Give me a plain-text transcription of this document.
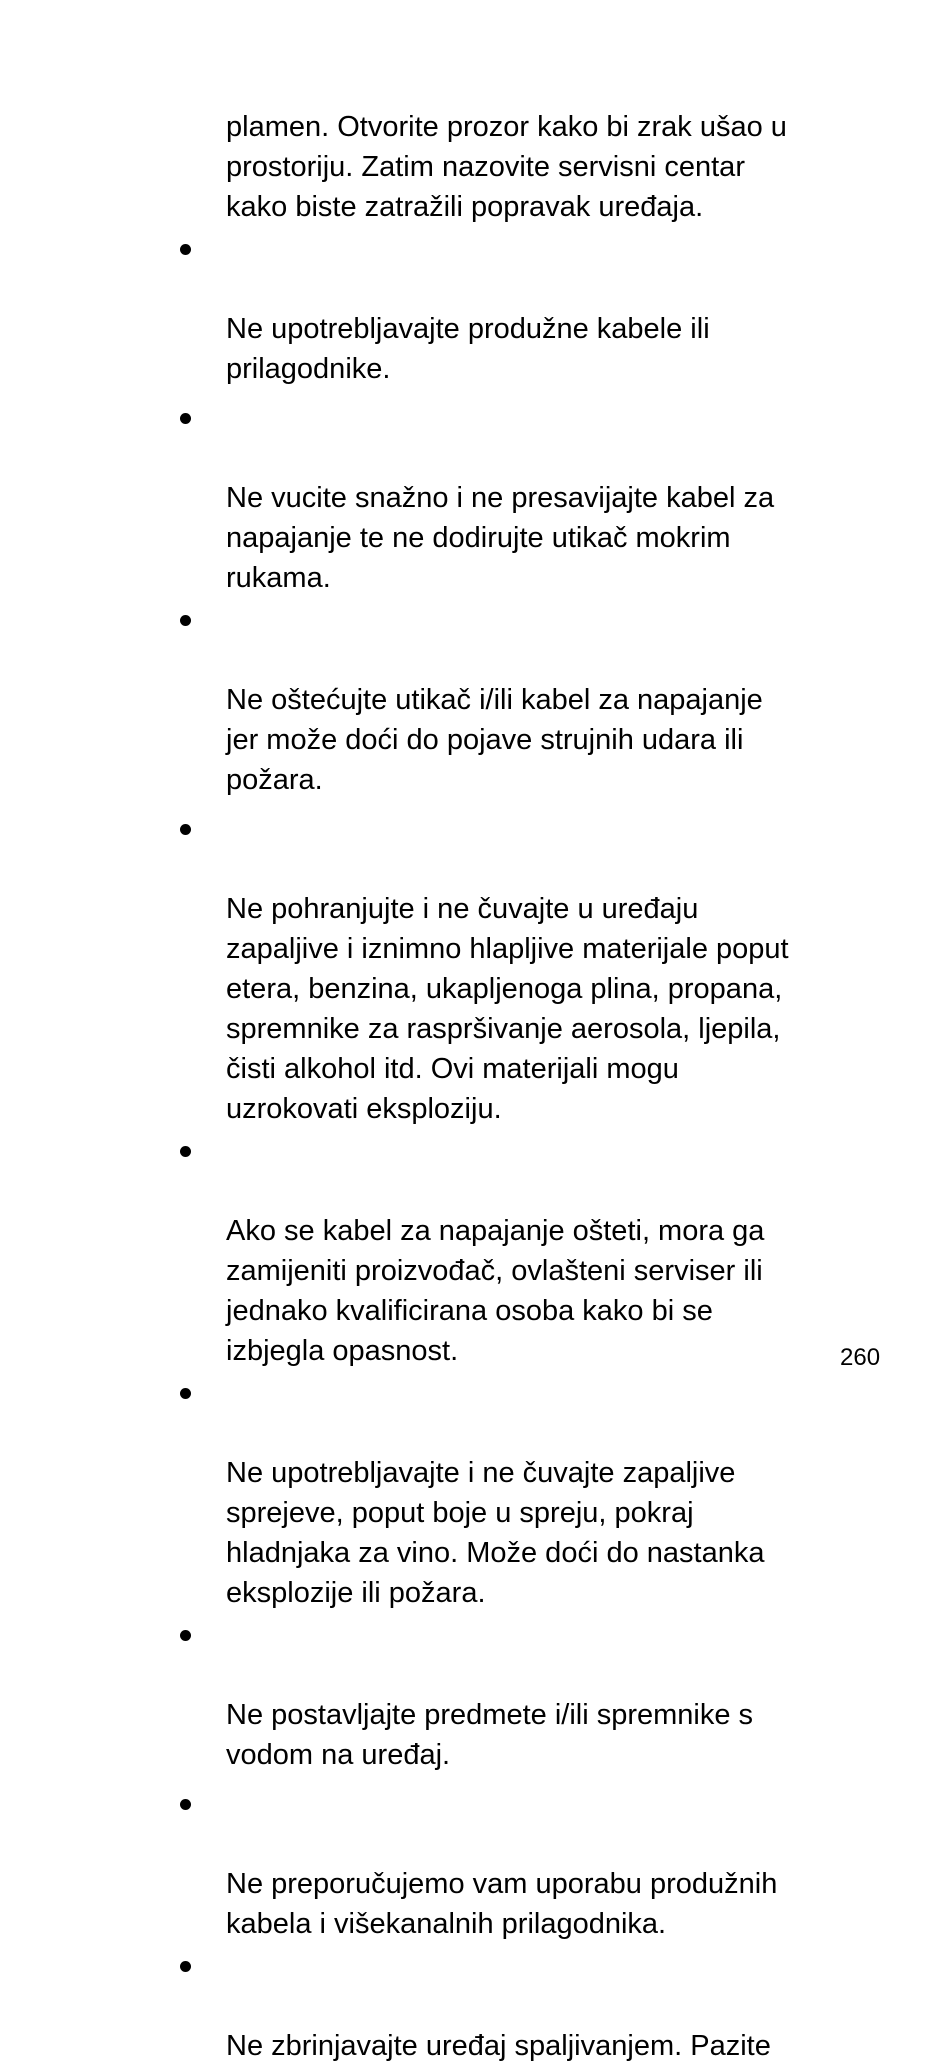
plamen. Otvorite prozor kako bi zrak ušao u
prostoriju. Zatim nazovite servisni centar
kako biste zatražili popravak uređaja.

Ne upotrebljavajte produžne kabele ili
prilagodnike.

Ne vucite snažno i ne presavijajte kabel za
napajanje te ne dodirujte utikač mokrim
rukama.

Ne oštećujte utikač i/ili kabel za napajanje
jer može doći do pojave strujnih udara ili
požara.

Ne pohranjujte i ne čuvajte u uređaju
zapaljive i iznimno hlapljive materijale poput
etera, benzina, ukapljenoga plina, propana,
spremnike za raspršivanje aerosola, ljepila,
čisti alkohol itd. Ovi materijali mogu
uzrokovati eksploziju.

Ako se kabel za napajanje ošteti, mora ga
zamijeniti proizvođač, ovlašteni serviser ili
jednako kvalificirana osoba kako bi se
izbjegla opasnost.

Ne upotrebljavajte i ne čuvajte zapaljive
sprejeve, poput boje u spreju, pokraj
hladnjaka za vino. Može doći do nastanka
eksplozije ili požara.

Ne postavljajte predmete i/ili spremnike s
vodom na uređaj.

Ne preporučujemo vam uporabu produžnih
kabela i višekanalnih prilagodnika.

Ne zbrinjavajte uređaj spaljivanjem. Pazite

260
